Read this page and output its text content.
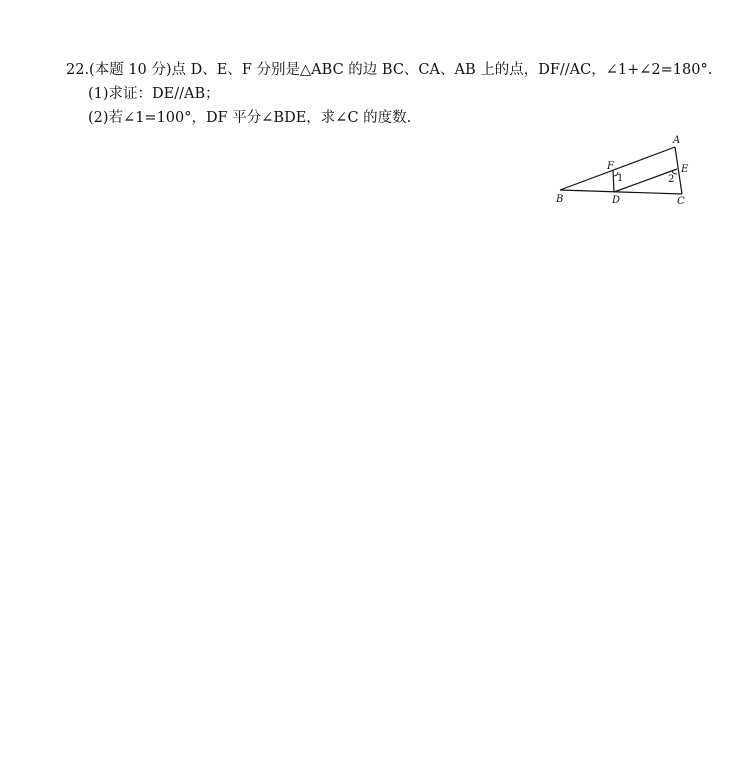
22.(本题 10 分)点 D、E、F 分别是△ABC 的边 BC、CA、AB 上的点，DF//AC，∠1+∠2=180°.
(1)求证：DE//AB；
(2)若∠1=100°，DF 平分∠BDE，求∠C 的度数.
A
B	C
D
E
F
1	2
